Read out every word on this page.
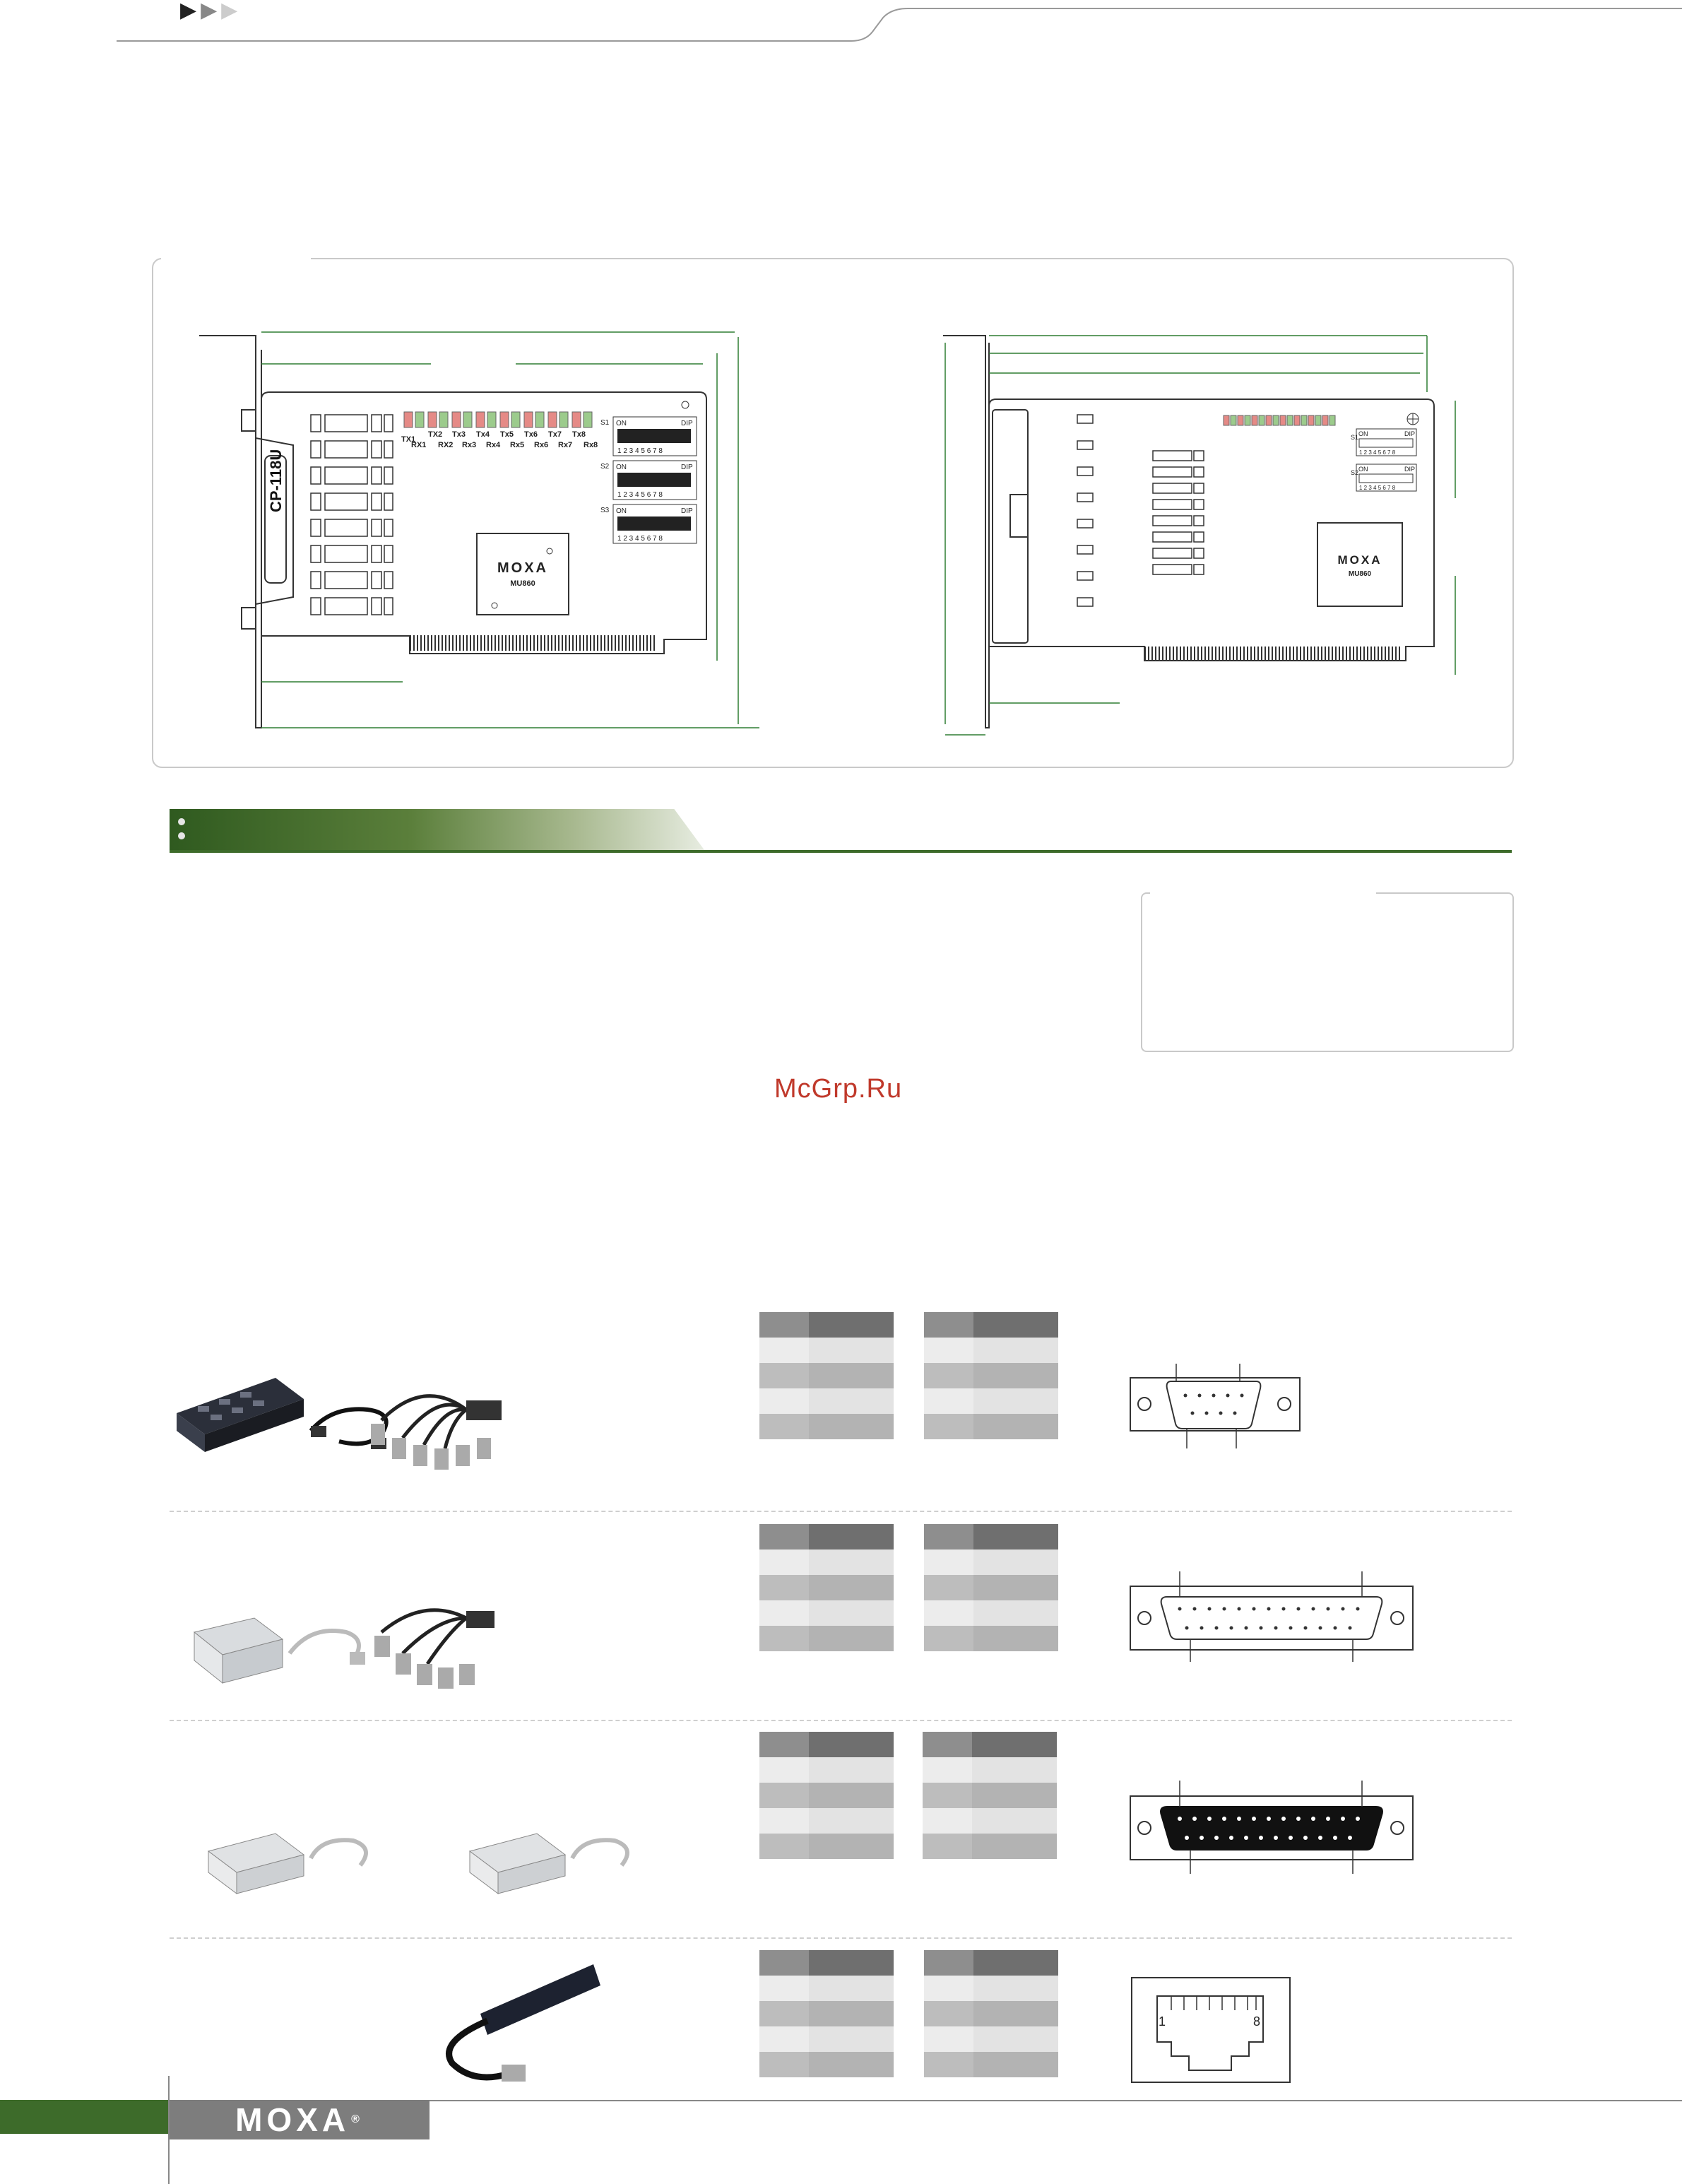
▶ ▶ ▶
CP-118U
TX1
TX2 Tx3 Tx4 Tx5 Tx6 Tx7 Tx8
RX1 RX2 Rx3 Rx4 Rx5 Rx6 Rx7 Rx8
S1 ON	DIP
1 2 3 4 5 6 7 8
S2 ON	DIP
1 2 3 4 5 6 7 8
S3 ON	DIP
1 2 3 4 5 6 7 8
MOXA
MU860
S1 ON	DIP
1 2 3 4 5 6 7 8
S2 ON	DIP
1 2 3 4 5 6 7 8
MOXA
MU860
McGrp.Ru
1	8
MOXA ®
